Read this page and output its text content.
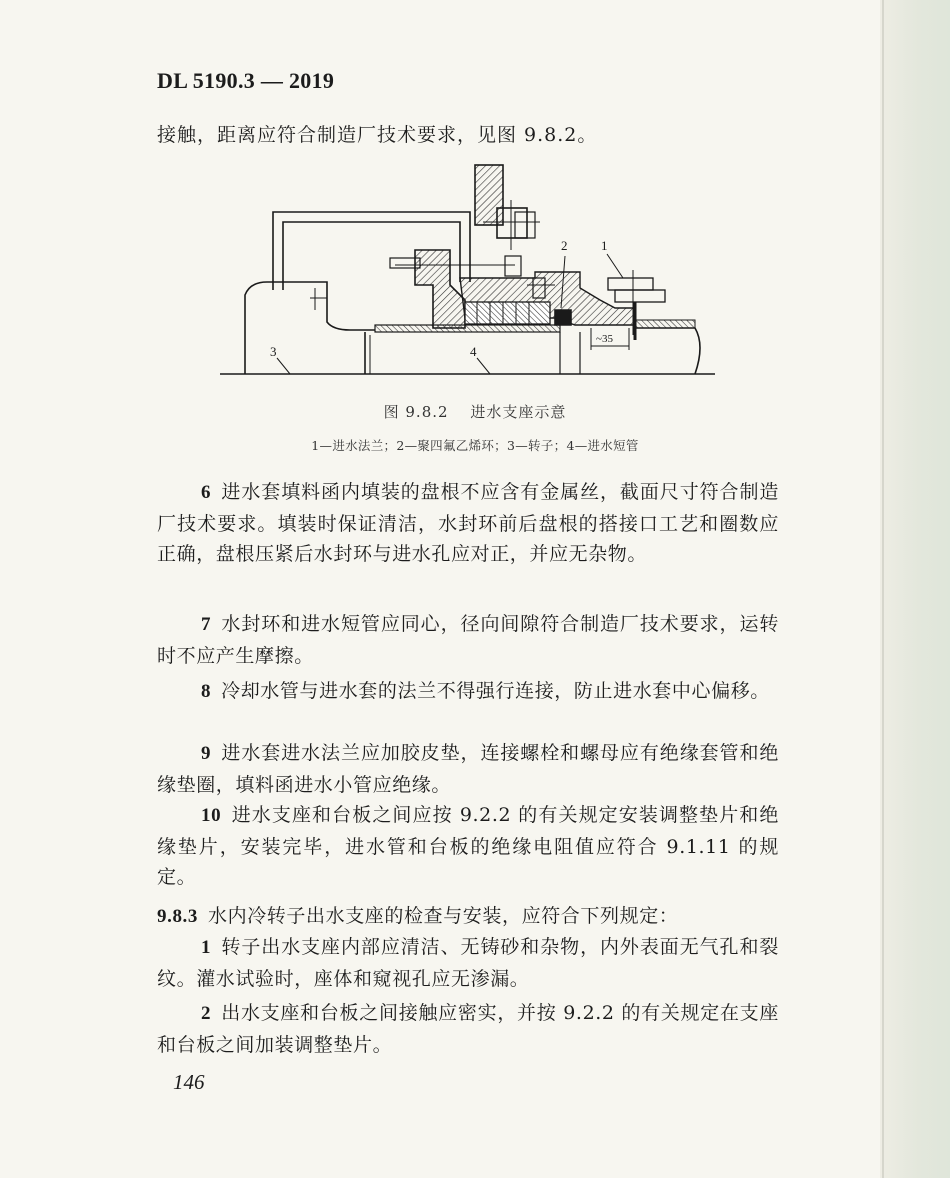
DL 5190.3 — 2019
接触，距离应符合制造厂技术要求，见图 9.8.2。
1
2
3	4
~35
图 9.8.2　 进水支座示意
1—进水法兰；2—聚四氟乙烯环；3—转子；4—进水短管
6 进水套填料函内填装的盘根不应含有金属丝，截面尺寸符合制造厂技术要求。填装时保证清洁，水封环前后盘根的搭接口工艺和圈数应正确，盘根压紧后水封环与进水孔应对正，并应无杂物。
7 水封环和进水短管应同心，径向间隙符合制造厂技术要求，运转时不应产生摩擦。
8 冷却水管与进水套的法兰不得强行连接，防止进水套中心偏移。
9 进水套进水法兰应加胶皮垫，连接螺栓和螺母应有绝缘套管和绝缘垫圈，填料函进水小管应绝缘。
10 进水支座和台板之间应按 9.2.2 的有关规定安装调整垫片和绝缘垫片，安装完毕，进水管和台板的绝缘电阻值应符合 9.1.11 的规定。
9.8.3 水内冷转子出水支座的检查与安装，应符合下列规定：
1 转子出水支座内部应清洁、无铸砂和杂物，内外表面无气孔和裂纹。灌水试验时，座体和窥视孔应无渗漏。
2 出水支座和台板之间接触应密实，并按 9.2.2 的有关规定在支座和台板之间加装调整垫片。
146
